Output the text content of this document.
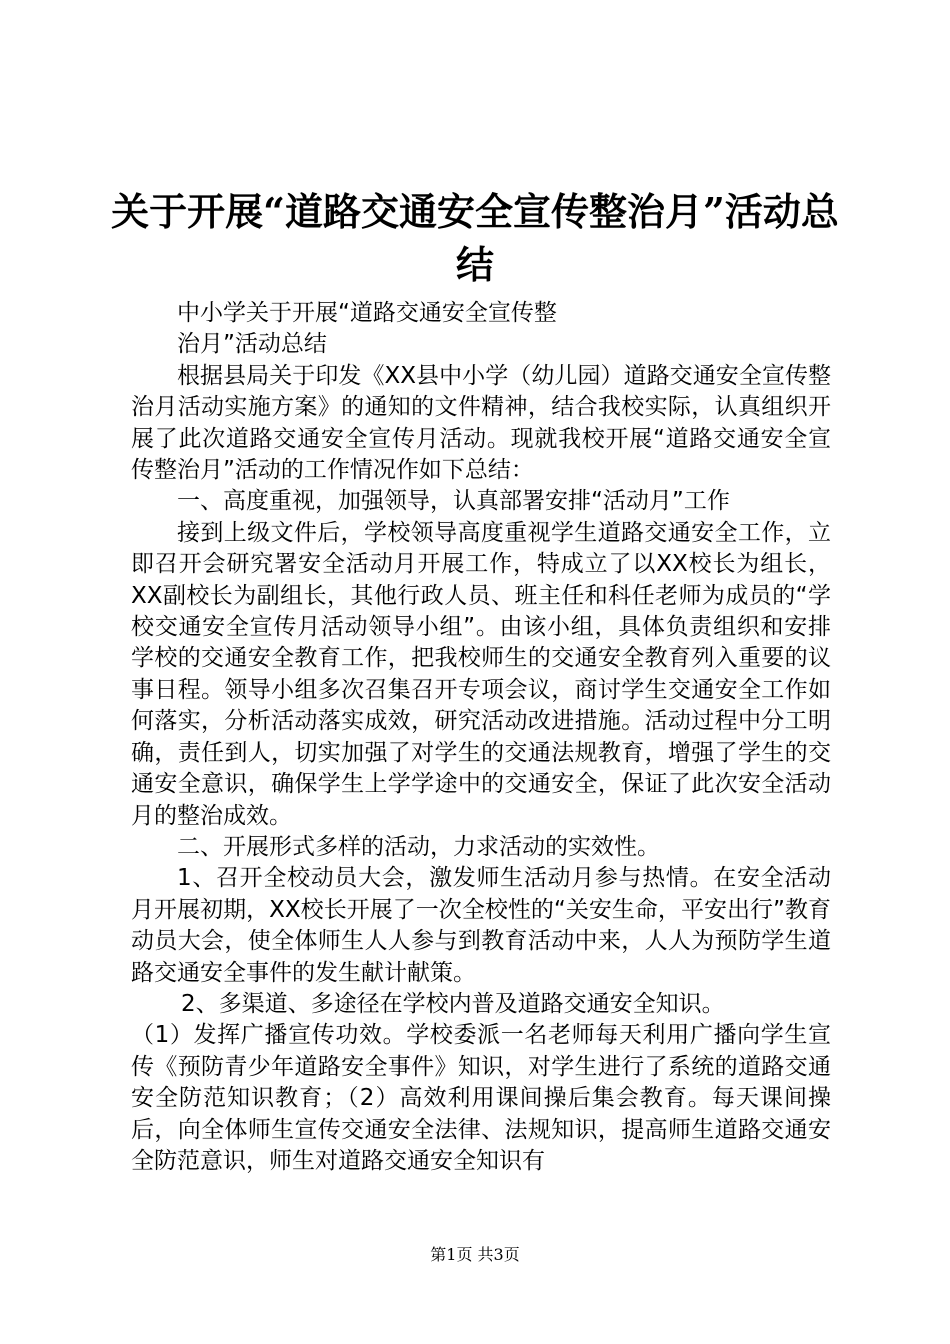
关于开展“道路交通安全宣传整治月”活动总
结

中小学关于开展“道路交通安全宣传整

治月”活动总结

根据县局关于印发《XX县中小学（幼儿园）道路交通安全宣传整治月活动实施方案》的通知的文件精神，结合我校实际，认真组织开展了此次道路交通安全宣传月活动。现就我校开展“道路交通安全宣传整治月”活动的工作情况作如下总结：

一、高度重视，加强领导，认真部署安排“活动月”工作

接到上级文件后，学校领导高度重视学生道路交通安全工作，立即召开会研究署安全活动月开展工作，特成立了以XX校长为组长，XX副校长为副组长，其他行政人员、班主任和科任老师为成员的“学校交通安全宣传月活动领导小组”。由该小组，具体负责组织和安排学校的交通安全教育工作，把我校师生的交通安全教育列入重要的议事日程。领导小组多次召集召开专项会议，商讨学生交通安全工作如何落实，分析活动落实成效，研究活动改进措施。活动过程中分工明确，责任到人，切实加强了对学生的交通法规教育，增强了学生的交通安全意识，确保学生上学学途中的交通安全，保证了此次安全活动月的整治成效。

二、开展形式多样的活动，力求活动的实效性。

1、召开全校动员大会，激发师生活动月参与热情。在安全活动月开展初期，XX校长开展了一次全校性的“关安生命，平安出行”教育动员大会，使全体师生人人参与到教育活动中来，人人为预防学生道路交通安全事件的发生献计献策。

2、多渠道、多途径在学校内普及道路交通安全知识。

（1）发挥广播宣传功效。学校委派一名老师每天利用广播向学生宣传《预防青少年道路安全事件》知识，对学生进行了系统的道路交通安全防范知识教育；（2）高效利用课间操后集会教育。每天课间操后，向全体师生宣传交通安全法律、法规知识，提高师生道路交通安全防范意识，师生对道路交通安全知识有

第1页 共3页
